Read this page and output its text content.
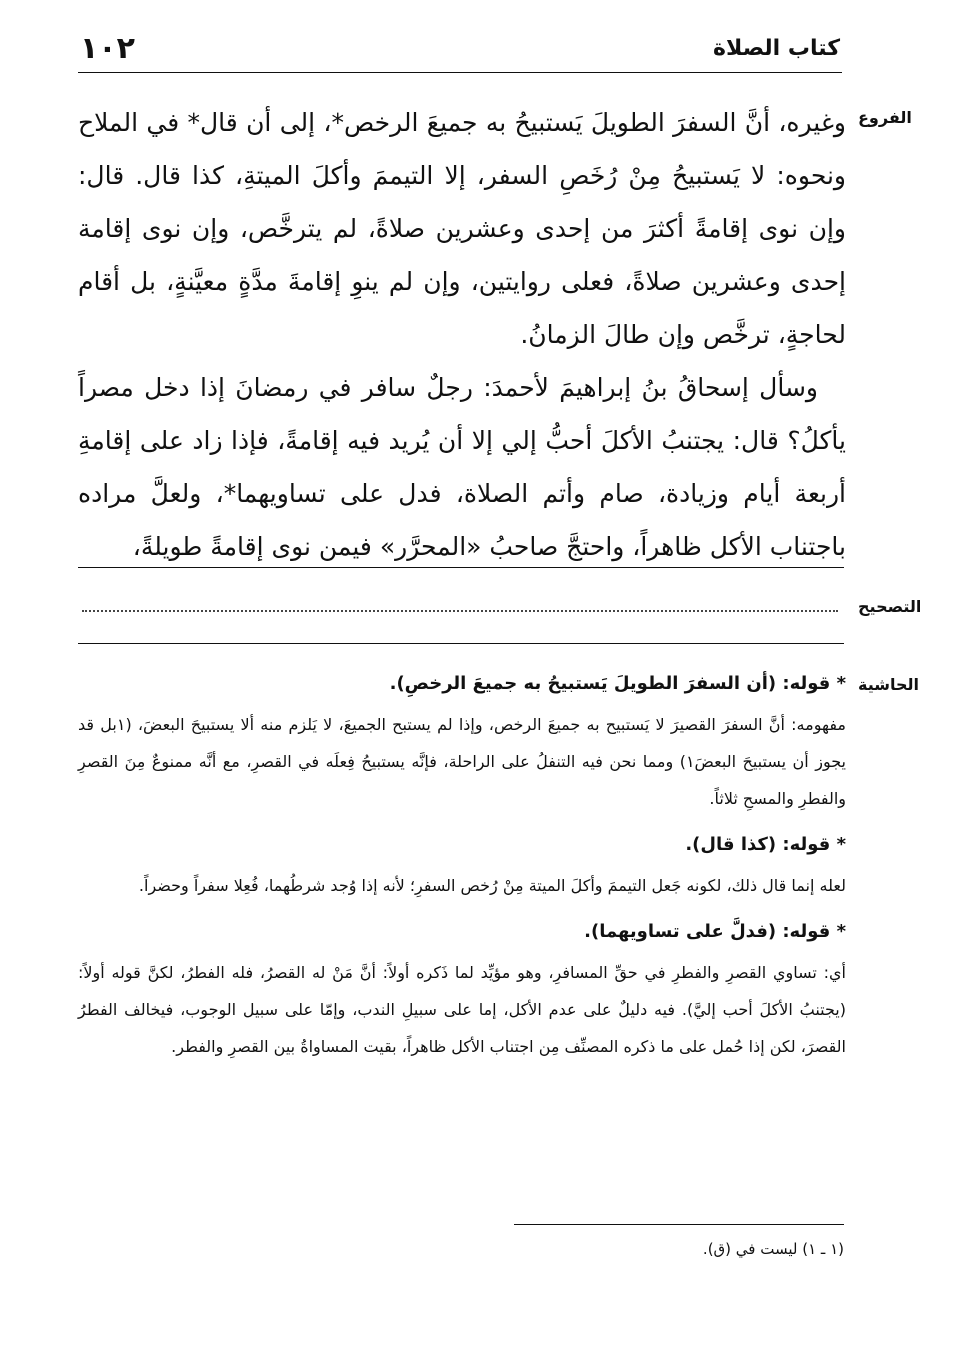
كتاب الصلاة
١٠٢
الفروع
التصحيح
الحاشية

وغيره، أنَّ السفرَ الطويلَ يَستبيحُ به جميعَ الرخص*، إلى أن قال* في الملاح ونحوه: لا يَستبيحُ مِنْ رُخَصِ السفر، إلا التيممَ وأكلَ الميتةِ، كذا قال. قال: وإن نوى إقامةً أكثرَ من إحدى وعشرين صلاةً، لم يترخَّص، وإن نوى إقامة إحدى وعشرين صلاةً، فعلى روايتين، وإن لم ينوِ إقامةَ مدَّةٍ معيَّنةٍ، بل أقام لحاجةٍ، ترخَّص وإن طالَ الزمانُ.

وسأل إسحاقُ بنُ إبراهيمَ لأحمدَ: رجلٌ سافر في رمضانَ إذا دخل مصراً يأكلُ؟ قال: يجتنبُ الأكلَ أحبُّ إلي إلا أن يُريد فيه إقامةً، فإذا زاد على إقامةِ أربعة أيام وزيادة، صام وأتم الصلاة، فدل على تساويهما*، ولعلَّ مراده باجتناب الأكل ظاهراً، واحتجَّ صاحبُ «المحرَّر» فيمن نوى إقامةً طويلةً،

* قوله: (أن السفرَ الطويلَ يَستبيحُ به جميعَ الرخصِ).

مفهومه: أنَّ السفرَ القصيرَ لا يَستبيح به جميعَ الرخص، وإذا لم يستبح الجميعَ، لا يَلزم منه ألا يستبيحَ البعضَ، (١بل قد يجوز أن يستبيحَ البعضَ١) ومما نحن فيه التنفلُ على الراحلة، فإنَّه يستبيحُ فِعلَه في القصرِ، مع أنَّه ممنوعٌ مِنَ القصرِ والفطرِ والمسحِ ثلاثاً.

* قوله: (كذا قال).

لعله إنما قال ذلك، لكونه جَعل التيممَ وأكلَ الميتة مِنْ رُخص السفرِ؛ لأنه إذا وُجد شرطُهما، فُعِلا سفراً وحضراً.

* قوله: (فدلَّ على تساويهما).

أي: تساوي القصرِ والفطرِ في حقِّ المسافرِ، وهو مؤيِّد لما ذَكره أولاً: أنَّ مَنْ له القصرُ، فله الفطرُ، لكنَّ قوله أولاً: (يجتنبُ الأكلَ أحب إليَّ). فيه دليلٌ على عدم الأكل، إما على سبيلِ الندب، وإمّا على سبيل الوجوب، فيخالف الفطرُ القصرَ، لكن إذا حُمل على ما ذكره المصنِّف مِن اجتناب الأكل ظاهراً، بقيت المساواةُ بين القصرِ والفطر.

(١ ـ ١) ليست في (ق).
